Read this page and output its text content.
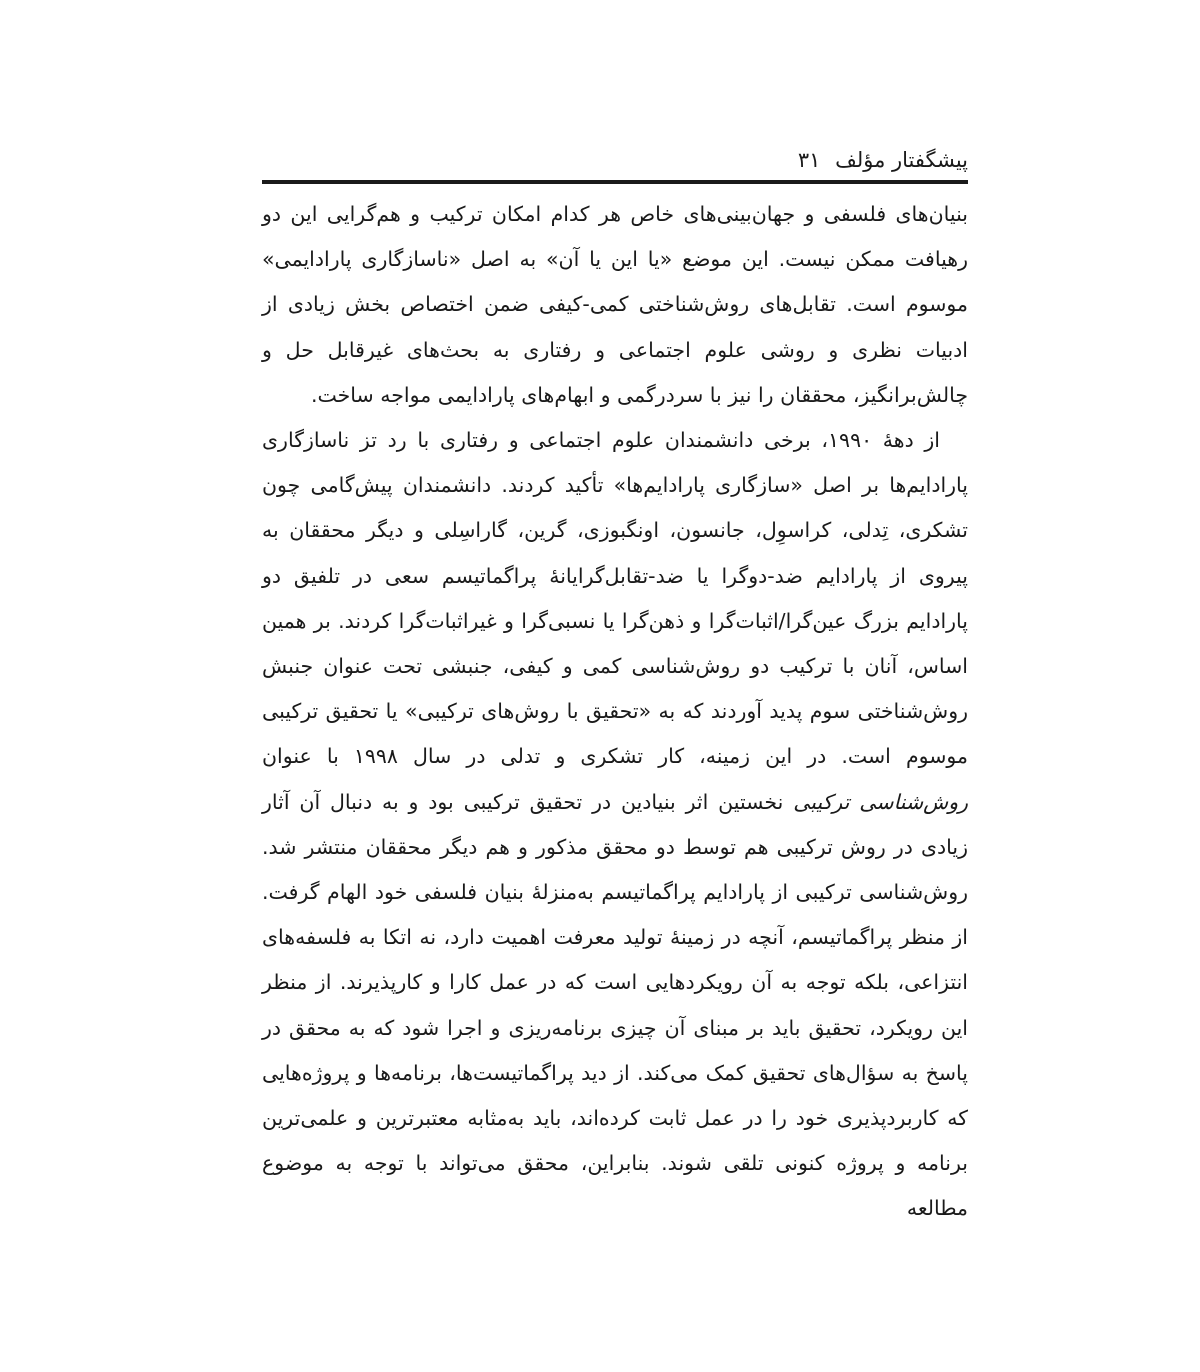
پیشگفتار مؤلف ۳۱

بنیان‌های فلسفی و جهان‌بینی‌های خاص هر کدام امکان ترکیب و هم‌گرایی این دو رهیافت ممکن نیست. این موضع «یا این یا آن» به اصل «ناسازگاری پارادایمی» موسوم است. تقابل‌های روش‌شناختی کمی-کیفی ضمن اختصاص بخش زیادی از ادبیات نظری و روشی علوم اجتماعی و رفتاری به بحث‌های غیرقابل حل و چالش‌برانگیز، محققان را نیز با سردرگمی و ابهام‌های پارادایمی مواجه ساخت.

از دهۀ ۱۹۹۰، برخی دانشمندان علوم اجتماعی و رفتاری با رد تز ناسازگاری پارادایم‌ها بر اصل «سازگاری پارادایم‌ها» تأکید کردند. دانشمندان پیش‌گامی چون تشکری، تِدلی، کراسوِل، جانسون، اونگبوزی، گرین، گاراسِلی و دیگر محققان به پیروی از پارادایم ضد-دوگرا یا ضد-تقابل‌گرایانۀ پراگماتیسم سعی در تلفیق دو پارادایم بزرگ عین‌گرا/اثبات‌گرا و ذهن‌گرا یا نسبی‌گرا و غیراثبات‌گرا کردند. بر همین اساس، آنان با ترکیب دو روش‌شناسی کمی و کیفی، جنبشی تحت عنوان جنبش روش‌شناختی سوم پدید آوردند که به «تحقیق با روش‌های ترکیبی» یا تحقیق ترکیبی موسوم است. در این زمینه، کار تشکری و تدلی در سال ۱۹۹۸ با عنوان روش‌شناسی ترکیبی نخستین اثر بنیادین در تحقیق ترکیبی بود و به دنبال آن آثار زیادی در روش ترکیبی هم توسط دو محقق مذکور و هم دیگر محققان منتشر شد. روش‌شناسی ترکیبی از پارادایم پراگماتیسم به‌منزلۀ بنیان فلسفی خود الهام گرفت. از منظر پراگماتیسم، آنچه در زمینۀ تولید معرفت اهمیت دارد، نه اتکا به فلسفه‌های انتزاعی، بلکه توجه به آن رویکردهایی است که در عمل کارا و کارپذیرند. از منظر این رویکرد، تحقیق باید بر مبنای آن چیزی برنامه‌ریزی و اجرا شود که به محقق در پاسخ به سؤال‌های تحقیق کمک می‌کند. از دید پراگماتیست‌ها، برنامه‌ها و پروژه‌هایی که کاربردپذیری خود را در عمل ثابت کرده‌اند، باید به‌مثابه معتبرترین و علمی‌ترین برنامه و پروژه کنونی تلقی شوند. بنابراین، محقق می‌تواند با توجه به موضوع مطالعه
